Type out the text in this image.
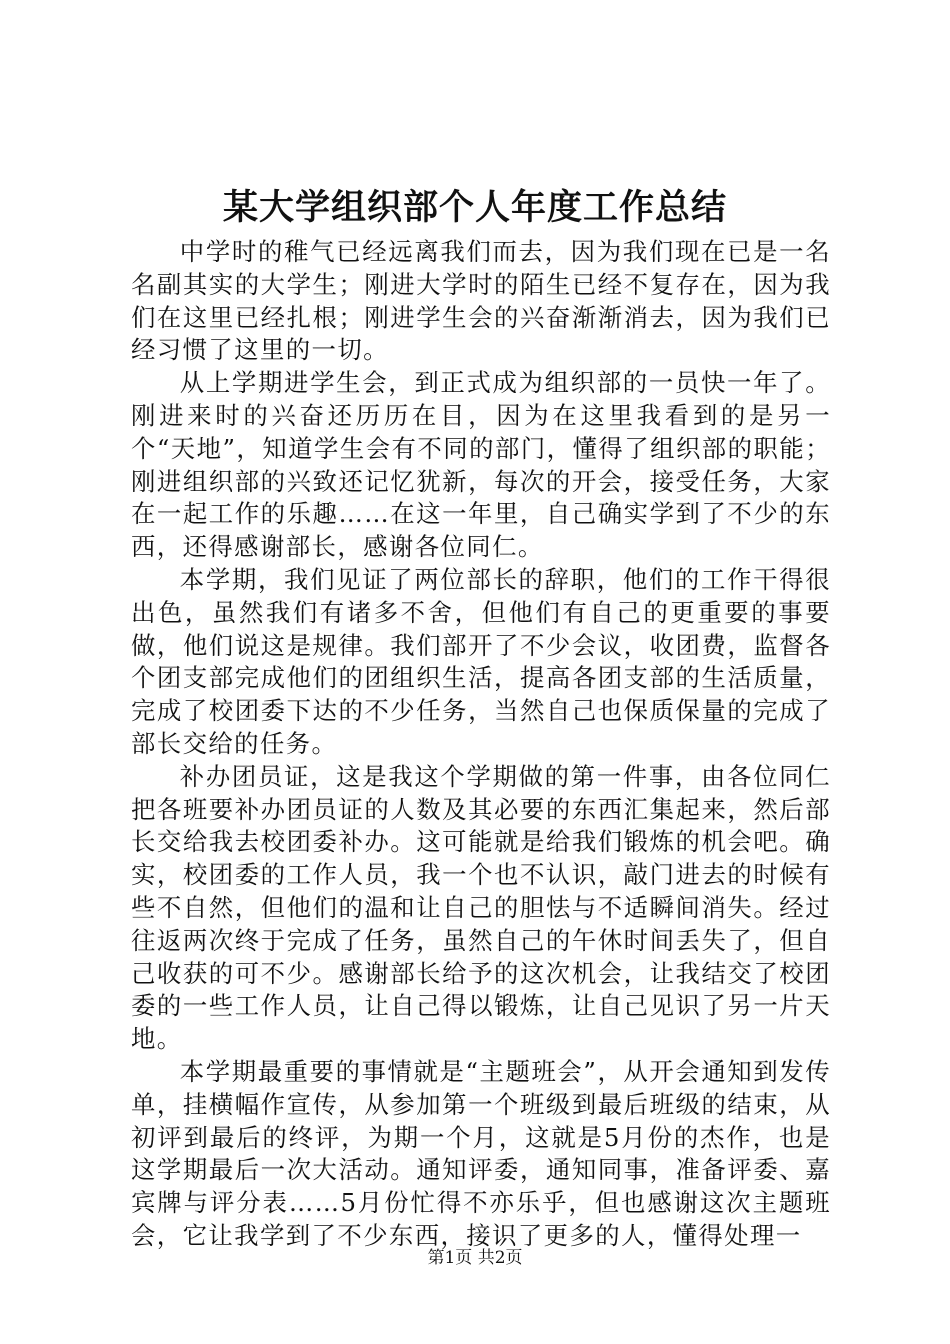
某大学组织部个人年度工作总结

中学时的稚气已经远离我们而去，因为我们现在已是一名名副其实的大学生；刚进大学时的陌生已经不复存在，因为我们在这里已经扎根；刚进学生会的兴奋渐渐消去，因为我们已经习惯了这里的一切。

从上学期进学生会，到正式成为组织部的一员快一年了。刚进来时的兴奋还历历在目，因为在这里我看到的是另一个“天地”，知道学生会有不同的部门，懂得了组织部的职能；刚进组织部的兴致还记忆犹新，每次的开会，接受任务，大家在一起工作的乐趣……在这一年里，自己确实学到了不少的东西，还得感谢部长，感谢各位同仁。

本学期，我们见证了两位部长的辞职，他们的工作干得很出色，虽然我们有诸多不舍，但他们有自己的更重要的事要做，他们说这是规律。我们部开了不少会议，收团费，监督各个团支部完成他们的团组织生活，提高各团支部的生活质量，完成了校团委下达的不少任务，当然自己也保质保量的完成了部长交给的任务。

补办团员证，这是我这个学期做的第一件事，由各位同仁把各班要补办团员证的人数及其必要的东西汇集起来，然后部长交给我去校团委补办。这可能就是给我们锻炼的机会吧。确实，校团委的工作人员，我一个也不认识，敲门进去的时候有些不自然，但他们的温和让自己的胆怯与不适瞬间消失。经过往返两次终于完成了任务，虽然自己的午休时间丢失了，但自己收获的可不少。感谢部长给予的这次机会，让我结交了校团委的一些工作人员，让自己得以锻炼，让自己见识了另一片天地。

本学期最重要的事情就是“主题班会”，从开会通知到发传单，挂横幅作宣传，从参加第一个班级到最后班级的结束，从初评到最后的终评，为期一个月，这就是5月份的杰作，也是这学期最后一次大活动。通知评委，通知同事，准备评委、嘉宾牌与评分表……5月份忙得不亦乐乎，但也感谢这次主题班会，它让我学到了不少东西，接识了更多的人，懂得处理一

第1页 共2页
